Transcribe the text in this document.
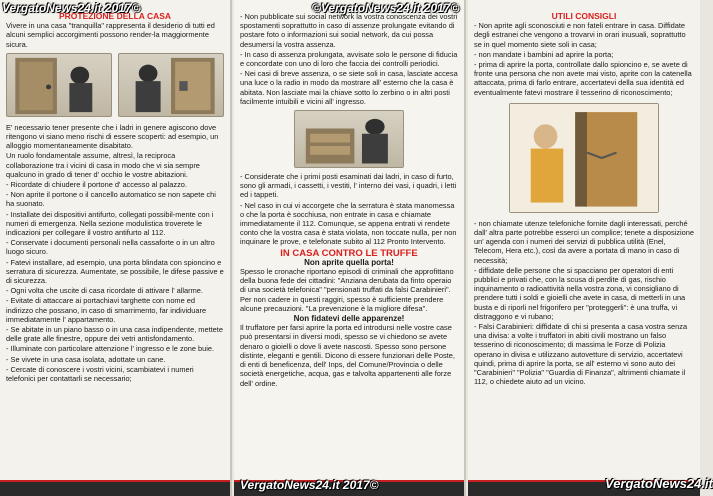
VergatoNews24.it 2017©	©VergatoNews24.it 2017©
VergatoNews24.it 2017©	VergatoNews24.it
PROTEZIONE DELLA CASA
Vivere in una casa "tranquilla" rappresenta il desiderio di tutti ed alcuni semplici accorgimenti possono render-la maggiormente sicura.
E' necessario tener presente che i ladri in genere agiscono dove ritengono vi siano meno rischi di essere scoperti: ad esempio, un alloggio momentaneamente disabitato.
Un ruolo fondamentale assume, altresì, la reciproca collaborazione tra i vicini di casa in modo che vi sia sempre qualcuno in grado di tener d' occhio le vostre abitazioni.
- Ricordate di chiudere il portone d' accesso al palazzo.
- Non aprite il portone o il cancello automatico se non sapete chi ha suonato.
- Installate dei dispositivi antifurto, collegati possibil-mente con i numeri di emergenza. Nella sezione modulistica troverete le indicazioni per collegare il vostro antifurto al 112.
- Conservate i documenti personali nella cassaforte o in un altro luogo sicuro.
- Fatevi installare, ad esempio, una porta blindata con spioncino e serratura di sicurezza. Aumentate, se possibile, le difese passive e di sicurezza.
- Ogni volta che uscite di casa ricordate di attivare l' allarme.
- Evitate di attaccare ai portachiavi targhette con nome ed indirizzo che possano, in caso di smarrimento, far individuare immediatamente l' appartamento.
- Se abitate in un piano basso o in una casa indipendente, mettete delle grate alle finestre, oppure dei vetri antisfondamento.
- Illuminate con particolare attenzione l' ingresso e le zone buie.
- Se vivete in una casa isolata, adottate un cane.
- Cercate di conoscere i vostri vicini, scambiatevi i numeri telefonici per contattarli se necessario;
- Non pubblicate sui social network la vostra conoscenza dei vostri spostamenti soprattutto in caso di assenze prolungate evitando di postare foto o informazioni sui social network, da cui possa desumersi la vostra assenza.
- In caso di assenza prolungata, avvisate solo le persone di fiducia e concordate con uno di loro che faccia dei controlli periodici.
- Nei casi di breve assenza, o se siete soli in casa, lasciate accesa una luce o la radio in modo da mostrare all' esterno che la casa è abitata. Non lasciate mai la chiave sotto lo zerbino o in altri posti facilmente intuibili e vicini all' ingresso.
- Considerate che i primi posti esaminati dai ladri, in caso di furto, sono gli armadi, i cassetti, i vestiti, l' interno dei vasi, i quadri, i letti ed i tappeti.
- Nel caso in cui vi accorgete che la serratura è stata manomessa o che la porta è socchiusa, non entrate in casa e chiamate immediatamente il 112. Comunque, se appena entrati vi rendete conto che la vostra casa è stata violata, non toccate nulla, per non inquinare le prove, e telefonate subito al 112 Pronto Intervento.
IN CASA CONTRO LE TRUFFE
Non aprite quella porta!
Spesso le cronache riportano episodi di criminali che approfittano della buona fede dei cittadini: "Anziana derubata da finto operaio di una società telefonica" "pensionati truffati da falsi Carabinieri". Per non cadere in questi raggiri, spesso è sufficiente prendere alcune precauzioni. "La prevenzione è la migliore difesa".
Non fidatevi delle apparenze!
Il truffatore per farsi aprire la porta ed introdursi nelle vostre case può presentarsi in diversi modi, spesso se vi chiedono se avete denaro o gioielli o dove li avete nascosti. Spesso sono persone distinte, eleganti e gentili. Dicono di essere funzionari delle Poste, di enti di beneficenza, dell' Inps, del Comune/Provincia o delle società energetiche, acqua, gas e talvolta appartenenti alle forze dell' ordine.
UTILI CONSIGLI
- Non aprite agli sconosciuti e non fateli entrare in casa. Diffidate degli estranei che vengono a trovarvi in orari inusuali, soprattutto se in quel momento siete soli in casa;
- non mandate i bambini ad aprire la porta;
- prima di aprire la porta, controllate dallo spioncino e, se avete di fronte una persona che non avete mai visto, aprite con la catenella attaccata, prima di farlo entrare, accertatevi della sua identità ed eventualmente fatevi mostrare il tesserino di riconoscimento;
- non chiamate utenze telefoniche fornite dagli interessati, perché dall' altra parte potrebbe esserci un complice; tenete a disposizione un' agenda con i numeri dei servizi di pubblica utilità (Enel, Telecom, Hera etc.), così da avere a portata di mano in caso di necessità;
- diffidate delle persone che si spacciano per operatori di enti pubblici e privati che, con la scusa di perdite di gas, rischio inquinamento o radioattività nella vostra zona, vi consigliano di prendere tutti i soldi e gioielli che avete in casa, di metterli in una busta e di riporli nel frigorifero per "proteggerli": è una truffa, vi distraggono e vi rubano;
- Falsi Carabinieri: diffidate di chi si presenta a casa vostra senza una divisa: a volte i truffatori in abiti civili mostrano un falso tesserino di riconoscimento; di massima le Forze di Polizia operano in divisa e utilizzano autovetture di servizio, accertatevi quindi, prima di aprire la porta, se all' esterno vi sono auto dei "Carabinieri" "Polizia" "Guardia di Finanza", altrimenti chiamate il 112, o chiedete aiuto ad un vicino.
